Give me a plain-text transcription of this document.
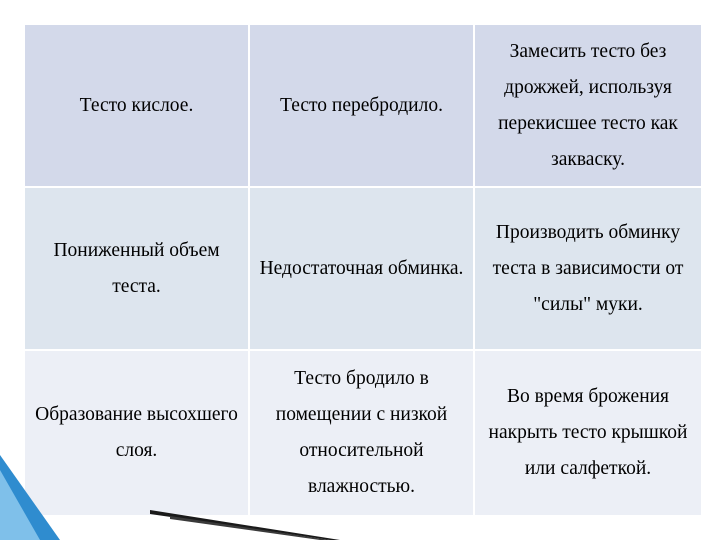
Тесто кислое.	Тесто перебродило.
Замесить тесто без дрожжей, используя перекисшее тесто как закваску.
Пониженный объем теста.
Недостаточная обминка.
Производить обминку теста в зависимости от "силы" муки.
Образование высохшего слоя.
Тесто бродило в помещении с низкой относительной влажностью.
Во время брожения накрыть тесто крышкой или салфеткой.
